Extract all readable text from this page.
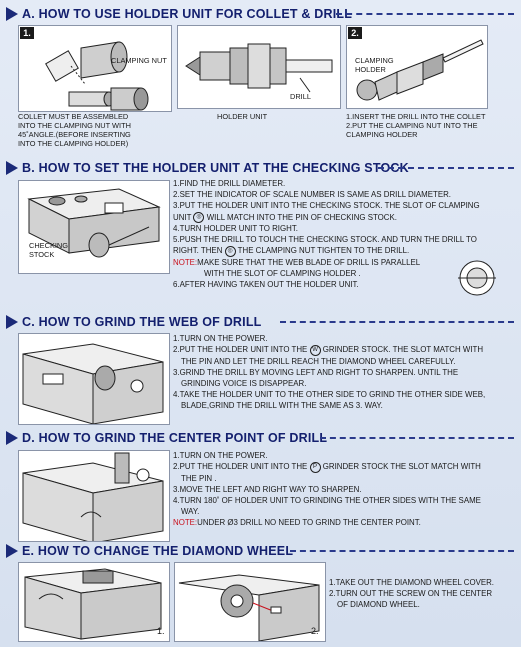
A. HOW TO USE HOLDER UNIT FOR COLLET & DRILL
1.
CLAMPING NUT
COLLET MUST BE ASSEMBLED
INTO THE CLAMPING NUT WITH
45˚ANGLE.(BEFORE INSERTING
INTO THE CLAMPING HOLDER)
DRILL
HOLDER UNIT
2.
CLAMPING
HOLDER
1.INSERT THE DRILL INTO THE COLLET
2.PUT THE CLAMPING NUT INTO THE
CLAMPING HOLDER
B. HOW TO SET THE HOLDER UNIT AT THE CHECKING STOCK
CHECKING
STOCK
1.FIND THE DRILL DIAMETER.
2.SET THE INDICATOR OF SCALE NUMBER IS SAME AS DRILL DIAMETER.
3.PUT THE HOLDER UNIT INTO THE CHECKING STOCK. THE SLOT OF CLAMPING
UNIT ◎ WILL MATCH INTO THE PIN OF CHECKING STOCK.
4.TURN HOLDER UNIT TO RIGHT.
5.PUSH THE DRILL TO TOUCH THE CHECKING STOCK. AND TURN THE DRILL TO
RIGHT. THEN ◎ THE CLAMPING NUT TIGHTEN TO THE DRILL.
NOTE:MAKE SURE THAT THE WEB BLADE OF DRILL IS PARALLEL
WITH THE SLOT OF CLAMPING HOLDER .
6.AFTER HAVING TAKEN OUT THE HOLDER UNIT.
C. HOW TO GRIND THE WEB OF DRILL
1.TURN ON THE POWER.
2.PUT THE HOLDER UNIT INTO THE W GRINDER STOCK. THE SLOT MATCH WITH
THE PIN AND LET THE DRILL REACH THE DIAMOND WHEEL CAREFULLY.
3.GRIND THE DRILL BY MOVING LEFT AND RIGHT TO SHARPEN. UNTIL THE
GRINDING VOICE IS DISAPPEAR.
4.TAKE THE HOLDER UNIT TO THE OTHER SIDE TO GRIND THE OTHER SIDE WEB,
BLADE,GRIND THE DRILL WITH THE SAME AS 3. WAY.
D. HOW TO GRIND THE CENTER POINT OF DRILL
1.TURN ON THE POWER.
2.PUT THE HOLDER UNIT INTO THE P GRINDER STOCK THE SLOT MATCH WITH
THE PIN .
3.MOVE THE LEFT AND RIGHT WAY TO SHARPEN.
4.TURN 180˚ OF HOLDER UNIT TO GRINDING THE OTHER SIDES WITH THE SAME
WAY.
NOTE:UNDER Ø3 DRILL NO NEED TO GRIND THE CENTER POINT.
E. HOW TO CHANGE THE DIAMOND WHEEL
1.	2.
1.TAKE OUT THE DIAMOND WHEEL COVER.
2.TURN OUT THE SCREW ON THE CENTER
OF DIAMOND WHEEL.
